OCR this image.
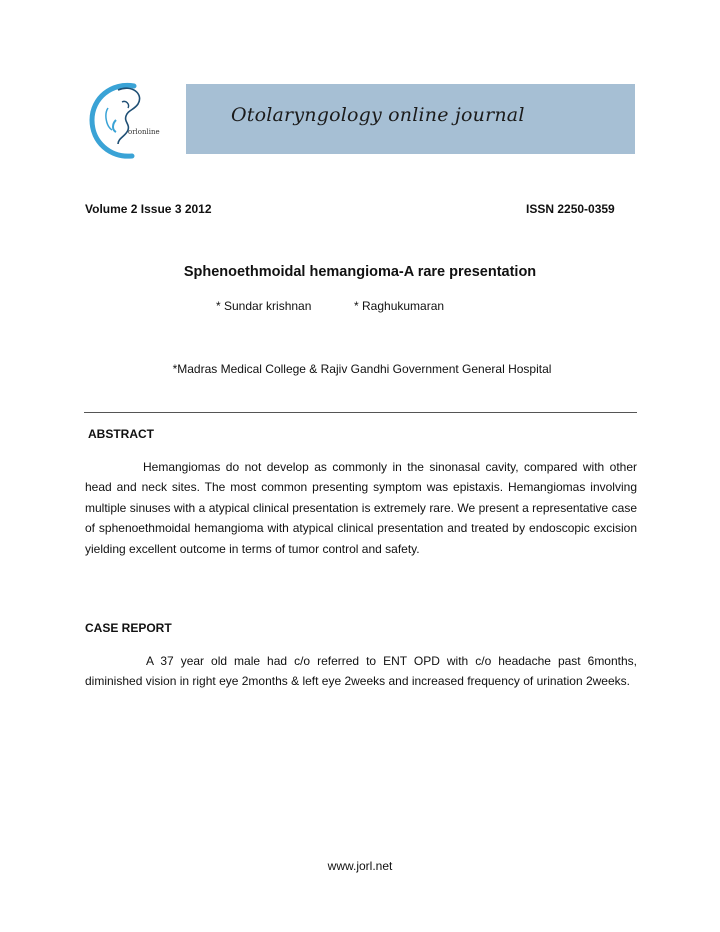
orlonline
Otolaryngology online journal
Volume 2 Issue 3 2012	ISSN 2250-0359
Sphenoethmoidal hemangioma-A rare presentation
* Sundar krishnan	* Raghukumaran
*Madras Medical College & Rajiv Gandhi Government General Hospital
ABSTRACT

Hemangiomas do not develop as commonly in the sinonasal cavity, compared with other head and neck sites. The most common presenting symptom was epistaxis. Hemangiomas involving multiple sinuses with a atypical clinical presentation is extremely rare. We present a representative case of sphenoethmoidal hemangioma with atypical clinical presentation and treated by endoscopic excision yielding excellent outcome in terms of tumor control and safety.

CASE REPORT

A 37 year old male had c/o referred to ENT OPD with c/o headache past 6months, diminished vision in right eye 2months & left eye 2weeks and increased frequency of urination 2weeks.

www.jorl.net
